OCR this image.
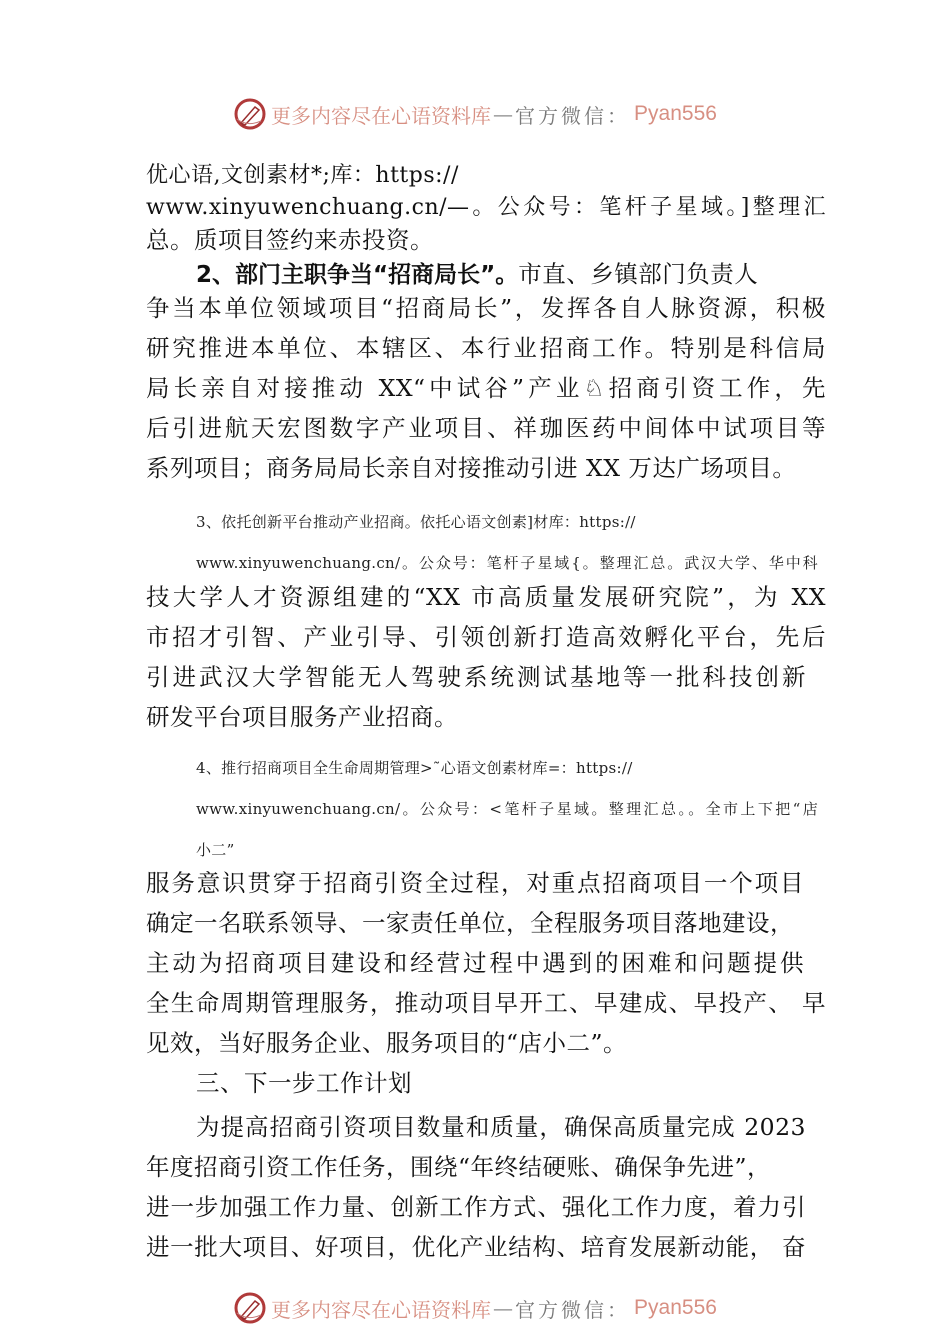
更多内容尽在心语资料库 — 官方微信： Pyan556
优心语,文创素材*;库：https://
www.xinyuwenchuang.cn/—。公众号：笔杆子星域。]整理汇
总。质项目签约来赤投资。
2、部门主职争当“招商局长”。市直、乡镇部门负责人
争当本单位领域项目“招商局长”，发挥各自人脉资源，积极
研究推进本单位、本辖区、本行业招商工作。特别是科信局
局长亲自对接推动 XX“中试谷”产业♘招商引资工作，先
后引进航天宏图数字产业项目、祥珈医药中间体中试项目等
系列项目；商务局局长亲自对接推动引进 XX 万达广场项目。
3、依托创新平台推动产业招商。依托心语文创素]材库：https://
www.xinyuwenchuang.cn/。公众号：笔杆子星域{。整理汇总。武汉大学、华中科
技大学人才资源组建的“XX 市高质量发展研究院”，为 XX
市招才引智、产业引导、引领创新打造高效孵化平台，先后
引进武汉大学智能无人驾驶系统测试基地等一批科技创新
研发平台项目服务产业招商。
4、推行招商项目全生命周期管理>˜心语文创素材库=：https://
www.xinyuwenchuang.cn/。公众号：<笔杆子星域。整理汇总。。全市上下把“店
小二”
服务意识贯穿于招商引资全过程，对重点招商项目一个项目
确定一名联系领导、一家责任单位，全程服务项目落地建设，
主动为招商项目建设和经营过程中遇到的困难和问题提供
全生命周期管理服务，推动项目早开工、早建成、早投产、 早
见效，当好服务企业、服务项目的“店小二”。
三、下一步工作计划
为提高招商引资项目数量和质量，确保高质量完成 2023
年度招商引资工作任务，围绕“年终结硬账、确保争先进”，
进一步加强工作力量、创新工作方式、强化工作力度，着力引
进一批大项目、好项目，优化产业结构、培育发展新动能， 奋
更多内容尽在心语资料库 — 官方微信： Pyan556
